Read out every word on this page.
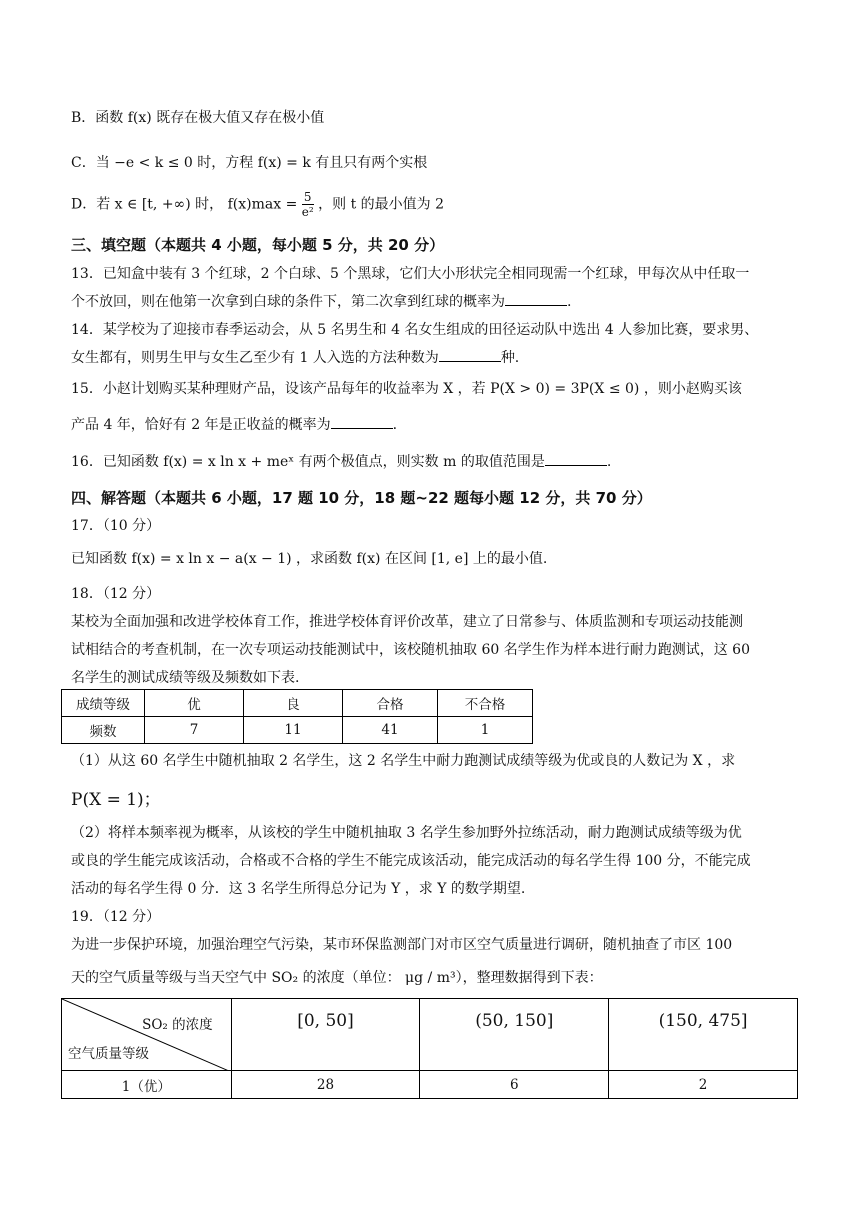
B．函数 f(x) 既存在极大值又存在极小值
C．当 −e < k ≤ 0 时，方程 f(x) = k 有且只有两个实根
D．若 x ∈ [t, +∞) 时， $f(x)\max = \frac{5}{\text{e²}}$ ，则 t 的最小值为 2
三、填空题（本题共 4 小题，每小题 5 分，共 20 分）
13．已知盒中装有 3 个红球，2 个白球、5 个黑球，它们大小形状完全相同现需一个红球，甲每次从中任取一
个不放回，则在他第一次拿到白球的条件下，第二次拿到红球的概率为	.
14．某学校为了迎接市春季运动会，从 5 名男生和 4 名女生组成的田径运动队中选出 4 人参加比赛，要求男、
女生都有，则男生甲与女生乙至少有 1 人入选的方法种数为	种.
15．小赵计划购买某种理财产品，设该产品每年的收益率为 X ，若 P(X > 0) = 3P(X ≤ 0) ，则小赵购买该
产品 4 年，恰好有 2 年是正收益的概率为	.
16．已知函数 f(x) = x ln x + meˣ 有两个极值点，则实数 m 的取值范围是	.
四、解答题（本题共 6 小题，17 题 10 分，18 题~22 题每小题 12 分，共 70 分）
17．（10 分）
已知函数 f(x) = x ln x − a(x − 1) ，求函数 f(x) 在区间 [1, e] 上的最小值.
18．（12 分）
某校为全面加强和改进学校体育工作，推进学校体育评价改革，建立了日常参与、体质监测和专项运动技能测
试相结合的考查机制，在一次专项运动技能测试中，该校随机抽取 60 名学生作为样本进行耐力跑测试，这 60
名学生的测试成绩等级及频数如下表.
成绩等级	优	良	合格	不合格
频数	7	11	41	1
（1）从这 60 名学生中随机抽取 2 名学生，这 2 名学生中耐力跑测试成绩等级为优或良的人数记为 X ，求
P(X = 1)；
（2）将样本频率视为概率，从该校的学生中随机抽取 3 名学生参加野外拉练活动，耐力跑测试成绩等级为优
或良的学生能完成该活动，合格或不合格的学生不能完成该活动，能完成活动的每名学生得 100 分，不能完成
活动的每名学生得 0 分．这 3 名学生所得总分记为 Y ，求 Y 的数学期望.
19．（12 分）
为进一步保护环境，加强治理空气污染，某市环保监测部门对市区空气质量进行调研，随机抽查了市区 100
天的空气质量等级与当天空气中 SO₂ 的浓度（单位： μg / m³），整理数据得到下表：
SO₂ 的浓度
空气质量等级	[0, 50]	(50, 150]	(150, 475]
1（优）	28	6	2
